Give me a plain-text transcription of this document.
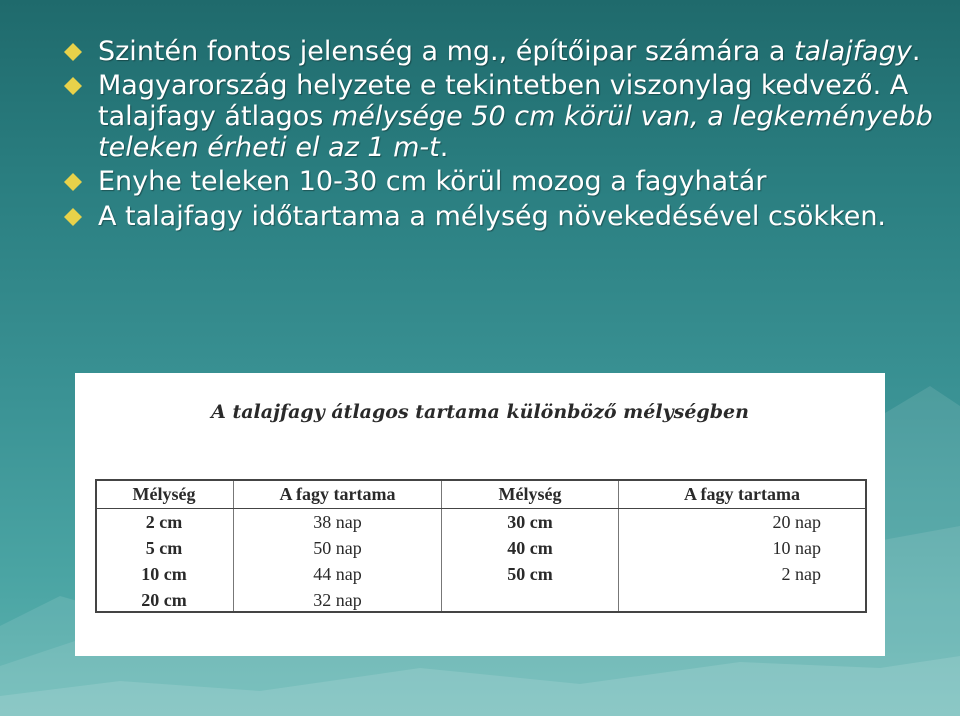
Szintén fontos jelenség a mg., építőipar számára a talajfagy.
Magyarország helyzete e tekintetben viszonylag kedvező. A talajfagy átlagos mélysége 50 cm körül van, a legkeményebb teleken érheti el az 1 m-t.
Enyhe teleken 10-30 cm körül mozog a fagyhatár
A talajfagy időtartama a mélység növekedésével csökken.
A talajfagy átlagos tartama különböző mélységben
Mélység	A fagy tartama	Mélység	A fagy tartama
2 cm	38 nap	30 cm	20 nap
5 cm	50 nap	40 cm	10 nap
10 cm	44 nap	50 cm	2 nap
20 cm	32 nap		
